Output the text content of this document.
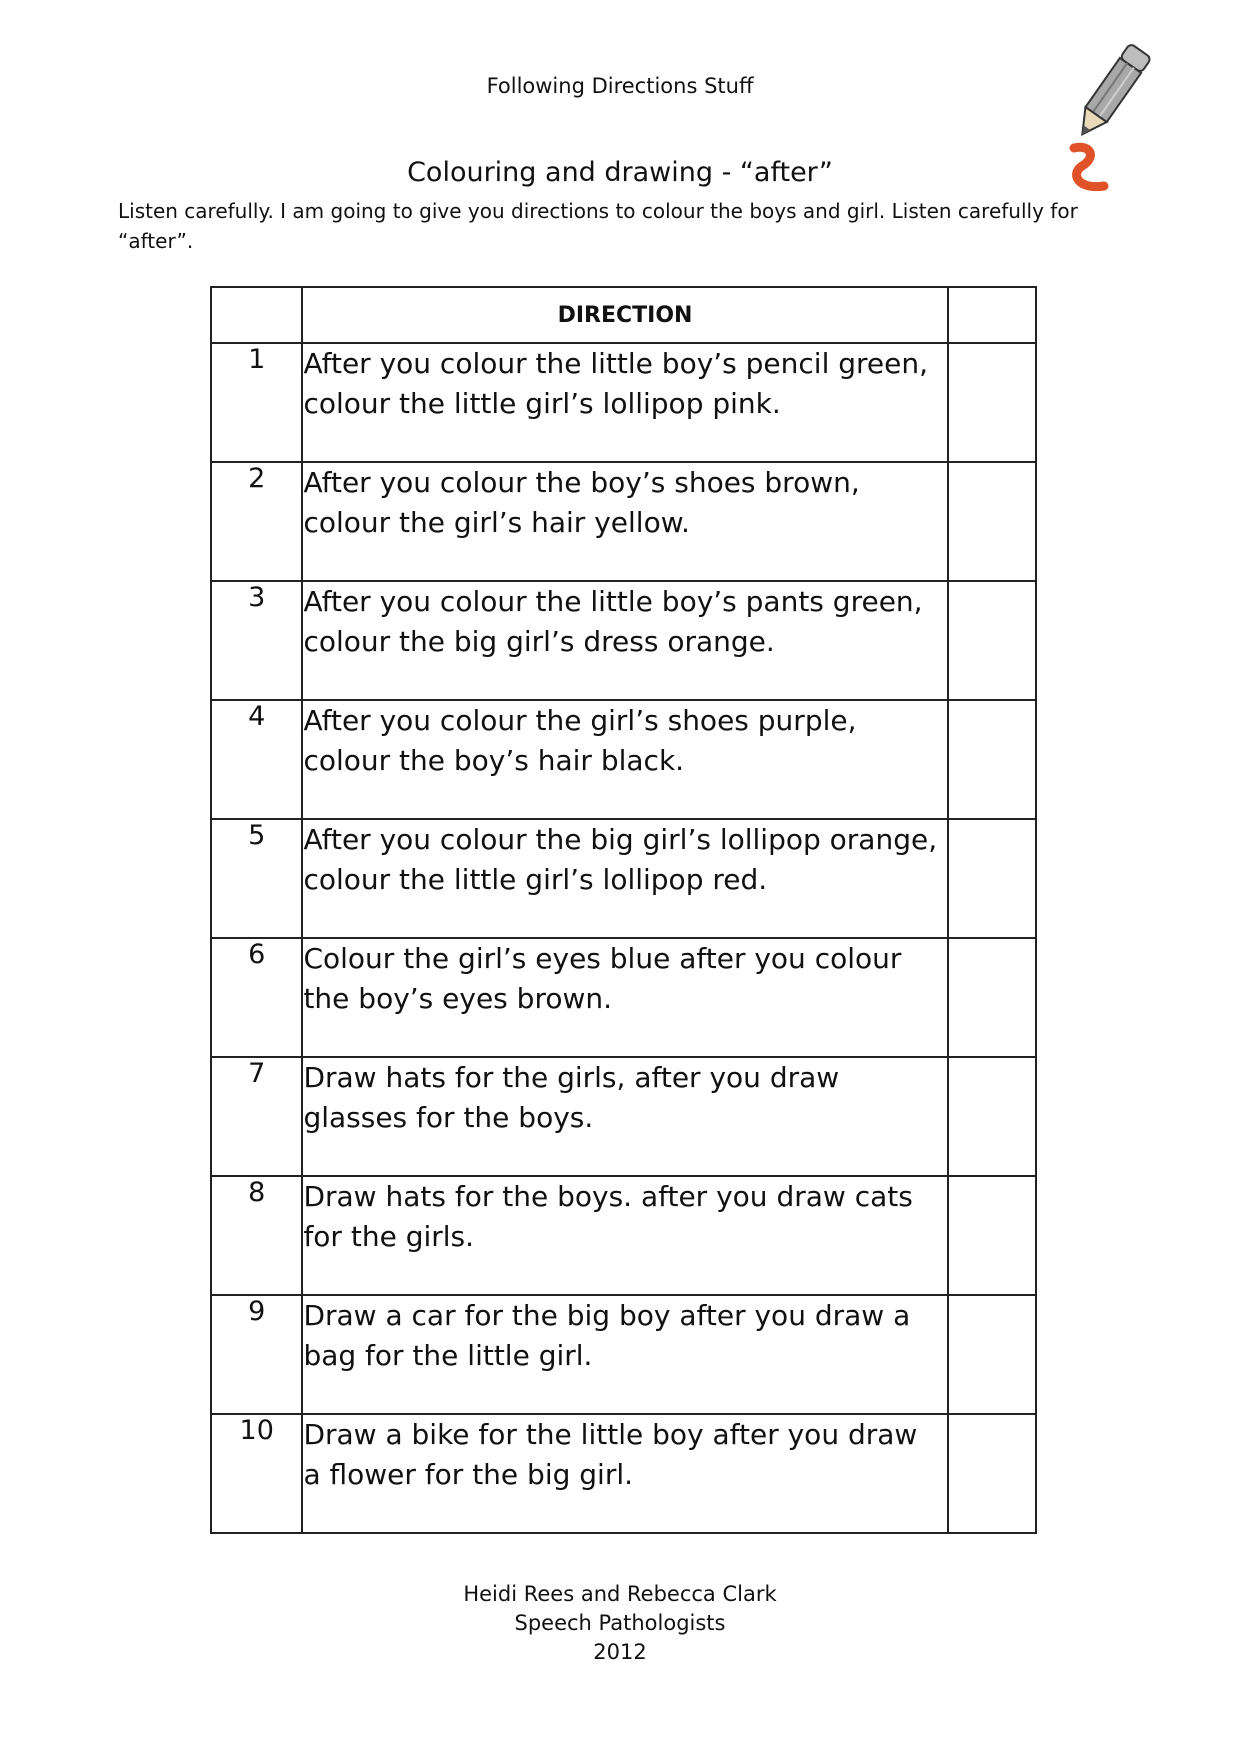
Following Directions Stuff
Colouring and drawing - “after”
Listen carefully. I am going to give you directions to colour the boys and girl. Listen carefully for “after”.
	DIRECTION	
1	After you colour the little boy’s pencil green,
colour the little girl’s lollipop pink.	

2	After you colour the boy’s shoes brown,
colour the girl’s hair yellow.	

3	After you colour the little boy’s pants green,
colour the big girl’s dress orange.	

4	After you colour the girl’s shoes purple,
colour the boy’s hair black.	

5	After you colour the big girl’s lollipop orange,
colour the little girl’s lollipop red.	

6	Colour the girl’s eyes blue after you colour
the boy’s eyes brown.	

7	Draw hats for the girls, after you draw
glasses for the boys.	

8	Draw hats for the boys. after you draw cats
for the girls.	

9	Draw a car for the big boy after you draw a
bag for the little girl.	

10	Draw a bike for the little boy after you draw
a flower for the big girl.	

Heidi Rees and Rebecca Clark
Speech Pathologists
2012
